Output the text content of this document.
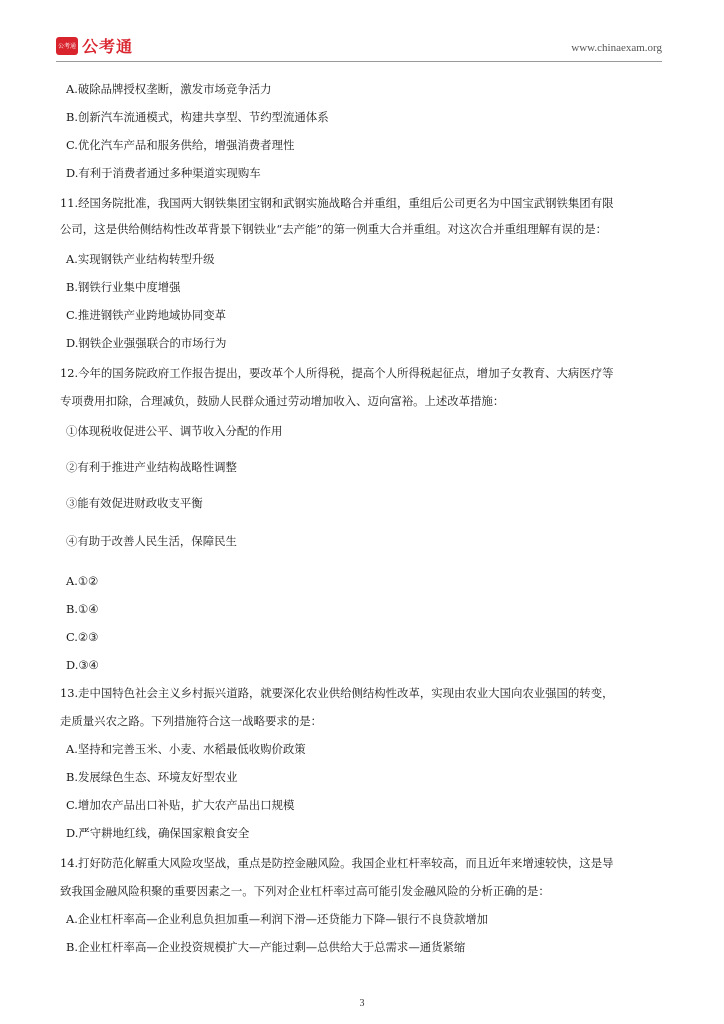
公考通 公考通	www.chinaexam.org
A.破除品牌授权垄断，激发市场竞争活力
B.创新汽车流通模式，构建共享型、节约型流通体系
C.优化汽车产品和服务供给，增强消费者理性
D.有利于消费者通过多种渠道实现购车
11.经国务院批准，我国两大钢铁集团宝钢和武钢实施战略合并重组，重组后公司更名为中国宝武钢铁集团有限
公司，这是供给侧结构性改革背景下钢铁业“去产能”的第一例重大合并重组。对这次合并重组理解有误的是：
A.实现钢铁产业结构转型升级
B.钢铁行业集中度增强
C.推进钢铁产业跨地域协同变革
D.钢铁企业强强联合的市场行为
12.今年的国务院政府工作报告提出，要改革个人所得税，提高个人所得税起征点，增加子女教育、大病医疗等
专项费用扣除，合理减负，鼓励人民群众通过劳动增加收入、迈向富裕。上述改革措施：
①体现税收促进公平、调节收入分配的作用
②有利于推进产业结构战略性调整
③能有效促进财政收支平衡
④有助于改善人民生活，保障民生
A.①②
B.①④
C.②③
D.③④
13.走中国特色社会主义乡村振兴道路，就要深化农业供给侧结构性改革，实现由农业大国向农业强国的转变，
走质量兴农之路。下列措施符合这一战略要求的是：
A.坚持和完善玉米、小麦、水稻最低收购价政策
B.发展绿色生态、环境友好型农业
C.增加农产品出口补贴，扩大农产品出口规模
D.严守耕地红线，确保国家粮食安全
14.打好防范化解重大风险攻坚战，重点是防控金融风险。我国企业杠杆率较高，而且近年来增速较快，这是导
致我国金融风险积聚的重要因素之一。下列对企业杠杆率过高可能引发金融风险的分析正确的是：
A.企业杠杆率高—企业利息负担加重—利润下滑—还贷能力下降—银行不良贷款增加
B.企业杠杆率高—企业投资规模扩大—产能过剩—总供给大于总需求—通货紧缩
3
